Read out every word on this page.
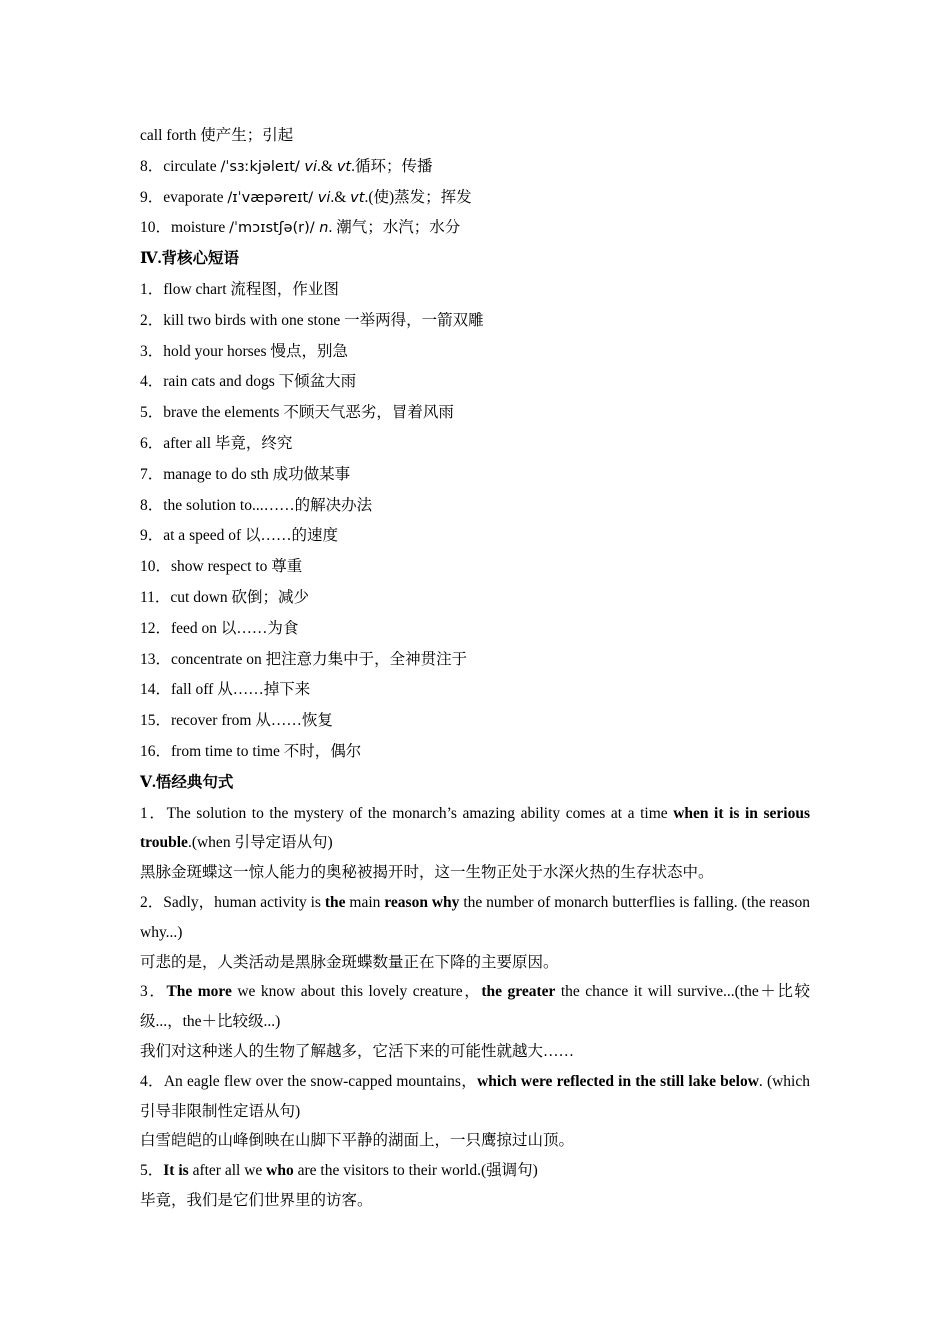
call forth 使产生；引起
8．circulate /ˈsɜːkjəleɪt/ vi.& vt.循环；传播
9．evaporate /ɪˈvæpəreɪt/ vi.& vt.(使)蒸发；挥发
10．moisture /ˈmɔɪstʃə(r)/ n. 潮气；水汽；水分
Ⅳ.背核心短语
1．flow chart 流程图，作业图
2．kill two birds with one stone 一举两得，一箭双雕
3．hold your horses 慢点，别急
4．rain cats and dogs 下倾盆大雨
5．brave the elements 不顾天气恶劣，冒着风雨
6．after all 毕竟，终究
7．manage to do sth 成功做某事
8．the solution to...……的解决办法
9．at a speed of 以……的速度
10．show respect to 尊重
11．cut down 砍倒；减少
12．feed on 以……为食
13．concentrate on 把注意力集中于，全神贯注于
14．fall off 从……掉下来
15．recover from 从……恢复
16．from time to time 不时，偶尔
Ⅴ.悟经典句式
1．The solution to the mystery of the monarch’s amazing ability comes at a time when it is in serious trouble.(when 引导定语从句)
黑脉金斑蝶这一惊人能力的奥秘被揭开时，这一生物正处于水深火热的生存状态中。
2．Sadly，human activity is the main reason why the number of monarch butterflies is falling. (the reason why...)
可悲的是，人类活动是黑脉金斑蝶数量正在下降的主要原因。
3．The more we know about this lovely creature，the greater the chance it will survive...(the＋比较级...，the＋比较级...)
我们对这种迷人的生物了解越多，它活下来的可能性就越大……
4．An eagle flew over the snow-capped mountains，which were reflected in the still lake below. (which 引导非限制性定语从句)
白雪皑皑的山峰倒映在山脚下平静的湖面上，一只鹰掠过山顶。
5．It is after all we who are the visitors to their world.(强调句)
毕竟，我们是它们世界里的访客。
